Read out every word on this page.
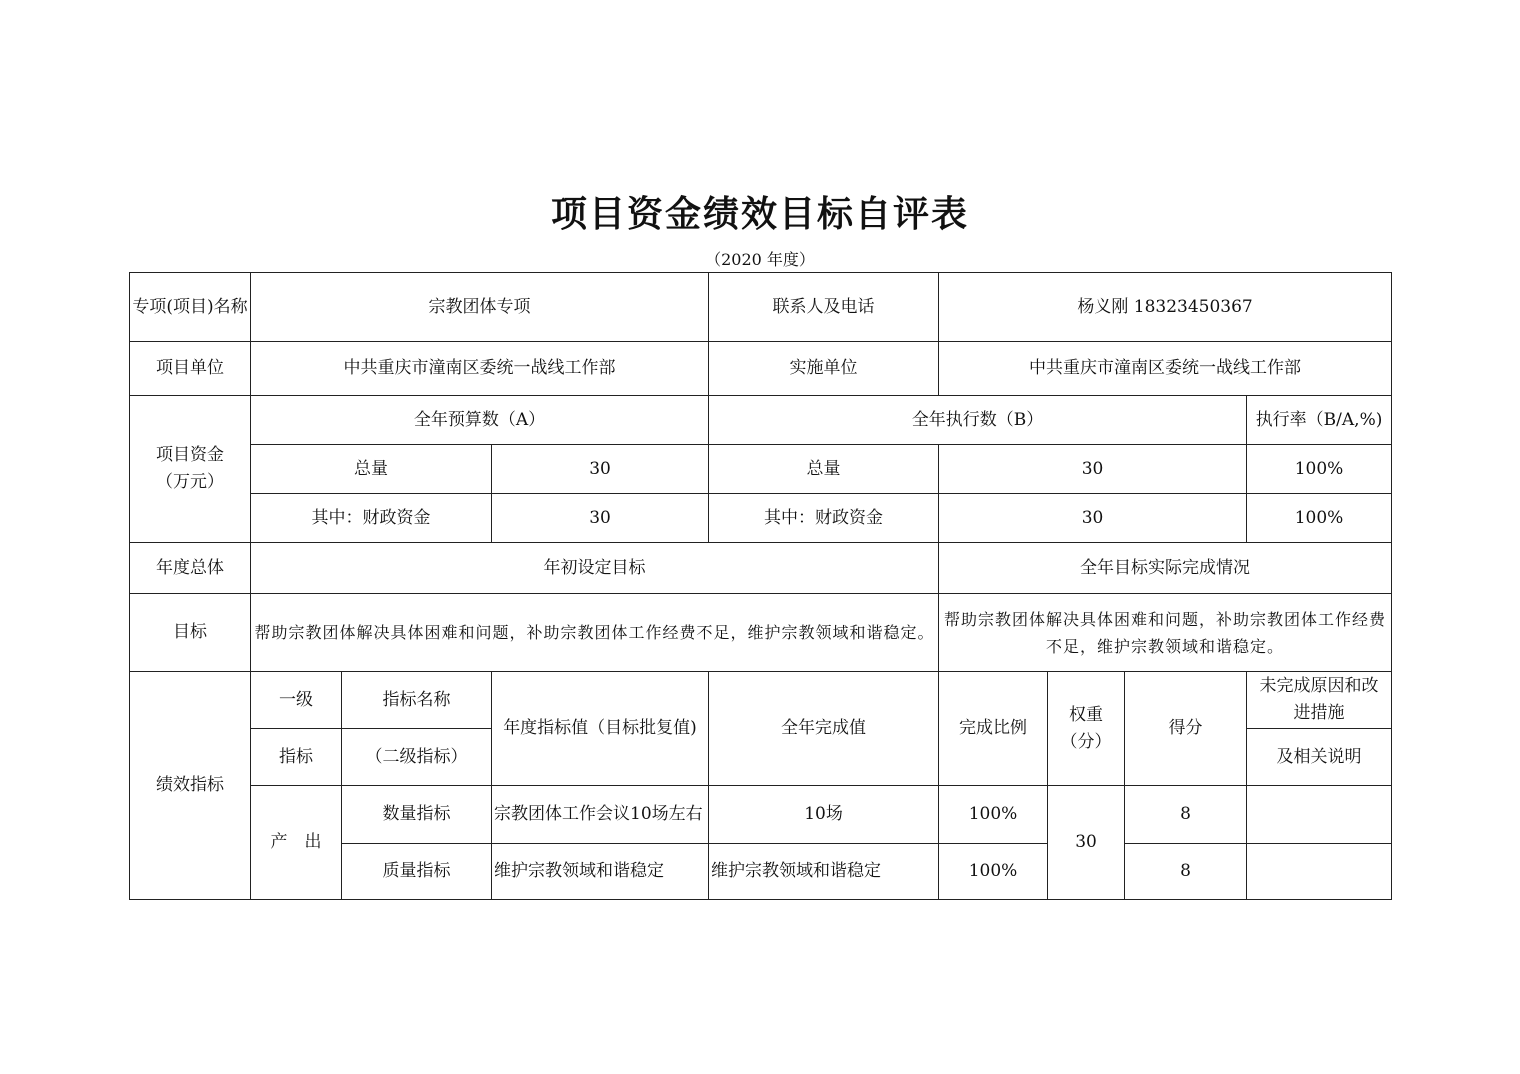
项目资金绩效目标自评表
（2020 年度）
专项(项目)名称	宗教团体专项			联系人及电话	杨义刚 18323450367			
项目单位	中共重庆市潼南区委统一战线工作部			实施单位	中共重庆市潼南区委统一战线工作部			
项目资金（万元）	全年预算数（A）			全年执行数（B）				执行率（B/A,%)
	总量		30	总量	30			100%
	其中：财政资金		30	其中：财政资金	30			100%
年度总体	年初设定目标				全年目标实际完成情况			
目标	帮助宗教团体解决具体困难和问题，补助宗教团体工作经费不足，维护宗教领域和谐稳定。				帮助宗教团体解决具体困难和问题，补助宗教团体工作经费不足，维护宗教领域和谐稳定。			
绩效指标	一级	指标名称	年度指标值（目标批复值)	全年完成值	完成比例	权重（分）	得分	未完成原因和改进措施
	指标	（二级指标）						及相关说明
	产　出	数量指标	宗教团体工作会议10场左右	10场	100%	30	8	
		质量指标	维护宗教领域和谐稳定	维护宗教领域和谐稳定	100%		8	
